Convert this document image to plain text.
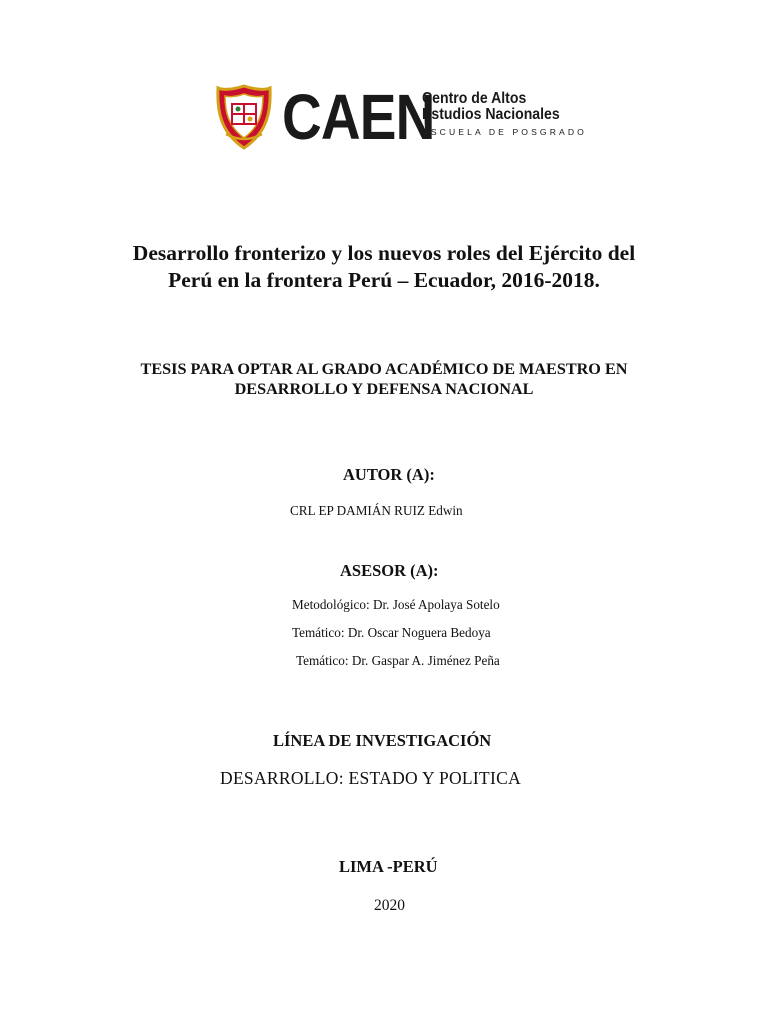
CAEN
Centro de Altos
Estudios Nacionales
ESCUELA DE POSGRADO
Desarrollo fronterizo y los nuevos roles del Ejército del
Perú en la frontera Perú – Ecuador, 2016-2018.
TESIS PARA OPTAR AL GRADO ACADÉMICO DE MAESTRO EN
DESARROLLO Y DEFENSA NACIONAL
AUTOR (A):
CRL EP DAMIÁN RUIZ Edwin
ASESOR (A):
Metodológico: Dr. José Apolaya Sotelo
Temático: Dr. Oscar Noguera Bedoya
Temático: Dr. Gaspar A. Jiménez Peña
LÍNEA DE INVESTIGACIÓN
DESARROLLO: ESTADO Y POLITICA
LIMA -PERÚ
2020
